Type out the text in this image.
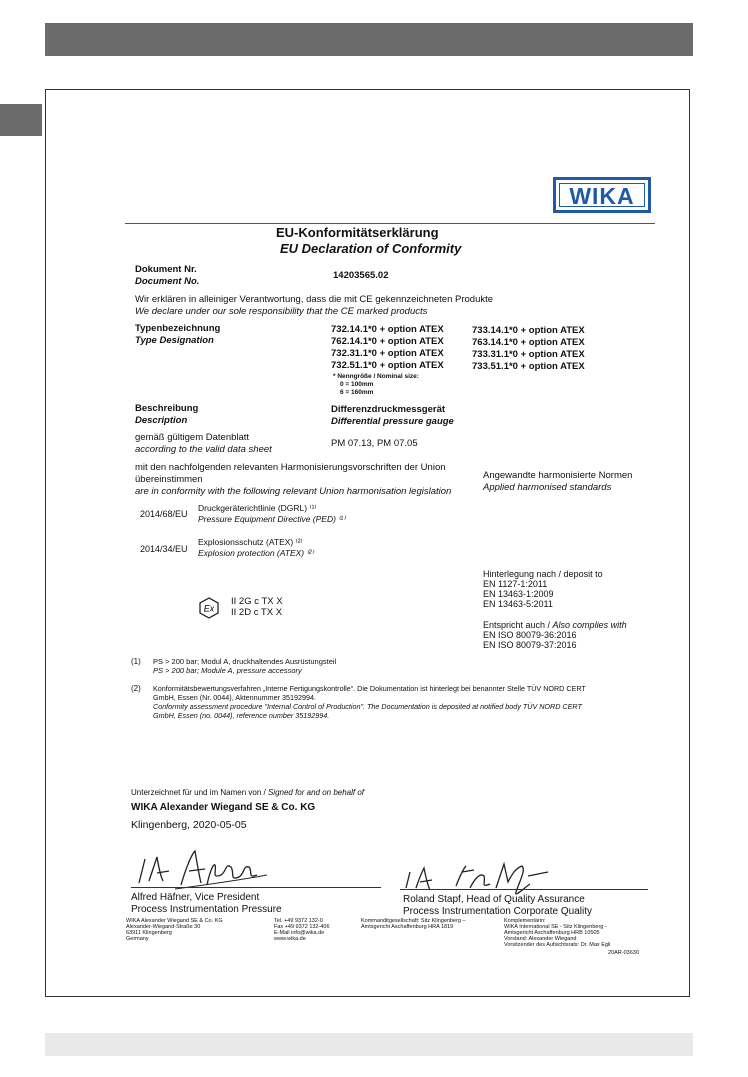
WIKA
EU-Konformitätserklärung
EU Declaration of Conformity
Dokument Nr.
Document No.
14203565.02
Wir erklären in alleiniger Verantwortung, dass die mit CE gekennzeichneten Produkte
We declare under our sole responsibility that the CE marked products
Typenbezeichnung
Type Designation
732.14.1*0 + option ATEX
762.14.1*0 + option ATEX
732.31.1*0 + option ATEX
732.51.1*0 + option ATEX
733.14.1*0 + option ATEX
763.14.1*0 + option ATEX
733.31.1*0 + option ATEX
733.51.1*0 + option ATEX
* Nenngröße / Nominal size:
0 = 100mm
6 = 160mm
Beschreibung
Description
Differenzdruckmessgerät
Differential pressure gauge
gemäß gültigem Datenblatt
according to the valid data sheet
PM 07.13, PM 07.05
mit den nachfolgenden relevanten Harmonisierungsvorschriften der Union
übereinstimmen
are in conformity with the following relevant Union harmonisation legislation
Angewandte harmonisierte Normen
Applied harmonised standards
2014/68/EU
Druckgeräterichtlinie (DGRL) ⁽¹⁾
Pressure Equipment Directive (PED) ⁽¹⁾
2014/34/EU
Explosionsschutz (ATEX) ⁽²⁾
Explosion protection (ATEX) ⁽²⁾
Ex
II 2G c TX X
II 2D c TX X
Hinterlegung nach / deposit to
EN 1127-1:2011
EN 13463-1:2009
EN 13463-5:2011
Entspricht auch / Also complies with
EN ISO 80079-36:2016
EN ISO 80079-37:2016
(1) PS > 200 bar; Modul A, druckhaltendes Ausrüstungsteil
PS > 200 bar; Module A, pressure accessory
(2) Konformitätsbewertungsverfahren „Interne Fertigungskontrolle“. Die Dokumentation ist hinterlegt bei benannter Stelle TÜV NORD CERT
GmbH, Essen (Nr. 0044), Aktennummer 35192994.
Conformity assessment procedure "Internal Control of Production". The Documentation is deposited at notified body TÜV NORD CERT
GmbH, Essen (no. 0044), reference number 35192994.
Unterzeichnet für und im Namen von / Signed for and on behalf of
WIKA Alexander Wiegand SE & Co. KG
Klingenberg, 2020-05-05
Alfred Häfner, Vice President
Process Instrumentation Pressure
Roland Stapf, Head of Quality Assurance
Process Instrumentation Corporate Quality
WIKA Alexander Wiegand SE & Co. KG
Alexander-Wiegand-Straße 30
63911 Klingenberg
Germany
Tel. +49 9372 132-0
Fax +49 9372 132-406
E-Mail info@wika.de
www.wika.de
Kommanditgesellschaft: Sitz Klingenberg –
Amtsgericht Aschaffenburg HRA 1819
Komplementärin:
WIKA International SE - Sitz Klingenberg -
Amtsgericht Aschaffenburg HRB 10505
Vorstand: Alexander Wiegand
Vorsitzender des Aufsichtsrats: Dr. Max Egli
20AR-03630
